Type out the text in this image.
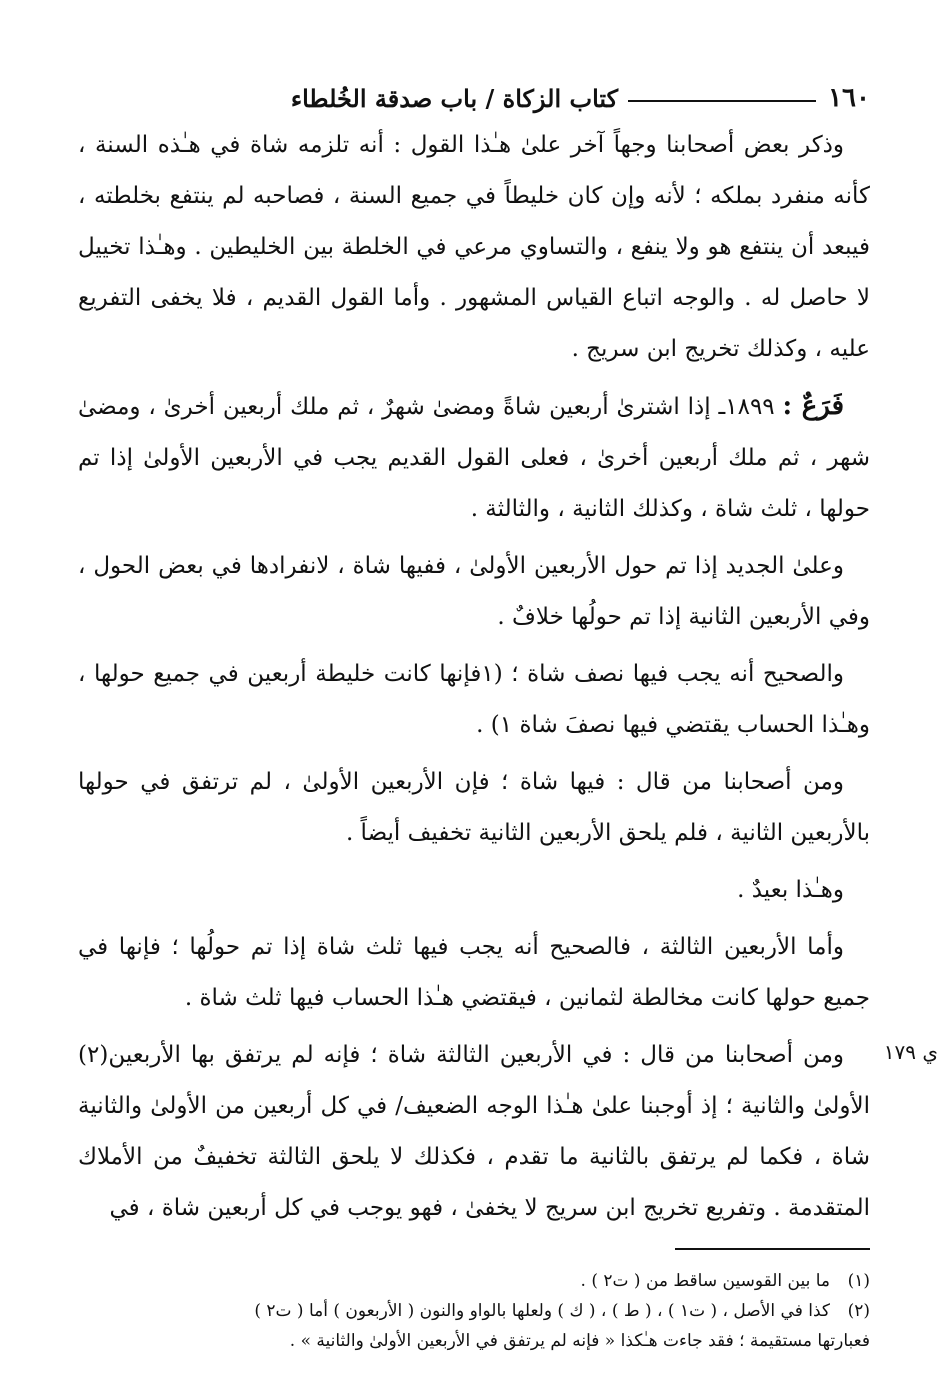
١٦٠
كتاب الزكاة / باب صدقة الخُلطاء

وذكر بعض أصحابنا وجهاً آخر علىٰ هـٰذا القول : أنه تلزمه شاة في هـٰذه السنة ، كأنه منفرد بملكه ؛ لأنه وإن كان خليطاً في جميع السنة ، فصاحبه لم ينتفع بخلطته ، فيبعد أن ينتفع هو ولا ينفع ، والتساوي مرعي في الخلطة بين الخليطين . وهـٰذا تخييل لا حاصل له . والوجه اتباع القياس المشهور . وأما القول القديم ، فلا يخفى التفريع عليه ، وكذلك تخريج ابن سريج .

فَرَعٌ : ١٨٩٩ـ إذا اشترىٰ أربعين شاةً ومضىٰ شهرٌ ، ثم ملك أربعين أخرىٰ ، ومضىٰ شهر ، ثم ملك أربعين أخرىٰ ، فعلى القول القديم يجب في الأربعين الأولىٰ إذا تم حولها ، ثلث شاة ، وكذلك الثانية ، والثالثة .

وعلىٰ الجديد إذا تم حول الأربعين الأولىٰ ، ففيها شاة ، لانفرادها في بعض الحول ، وفي الأربعين الثانية إذا تم حولُها خلافٌ .

والصحيح أنه يجب فيها نصف شاة ؛ (١فإنها كانت خليطة أربعين في جميع حولها ، وهـٰذا الحساب يقتضي فيها نصفَ شاة ١) .

ومن أصحابنا من قال : فيها شاة ؛ فإن الأربعين الأولىٰ ، لم ترتفق في حولها بالأربعين الثانية ، فلم يلحق الأربعين الثانية تخفيف أيضاً .

وهـٰذا بعيدٌ .

وأما الأربعين الثالثة ، فالصحيح أنه يجب فيها ثلث شاة إذا تم حولُها ؛ فإنها في جميع حولها كانت مخالطة لثمانين ، فيقتضي هـٰذا الحساب فيها ثلث شاة .

ومن أصحابنا من قال : في الأربعين الثالثة شاة ؛ فإنه لم يرتفق بها الأربعين(٢) الأولىٰ والثانية ؛ إذ أوجبنا علىٰ هـٰذا الوجه الضعيف/ في كل أربعين من الأولىٰ والثانية شاة ، فكما لم يرتفق بالثانية ما تقدم ، فكذلك لا يلحق الثالثة تخفيفٌ من الأملاك المتقدمة . وتفريع تخريج ابن سريج لا يخفىٰ ، فهو يوجب في كل أربعين شاة ، في

ي ١٧٩
(١)
ما بين القوسين ساقط من ( ت٢ ) .
(٢)
كذا في الأصل ، ( ت١ ) ، ( ط ) ، ( ك ) ولعلها بالواو والنون ( الأربعون ) أما ( ت٢ )
فعبارتها مستقيمة ؛ فقد جاءت هـٰكذا « فإنه لم يرتفق في الأربعين الأولىٰ والثانية » .
